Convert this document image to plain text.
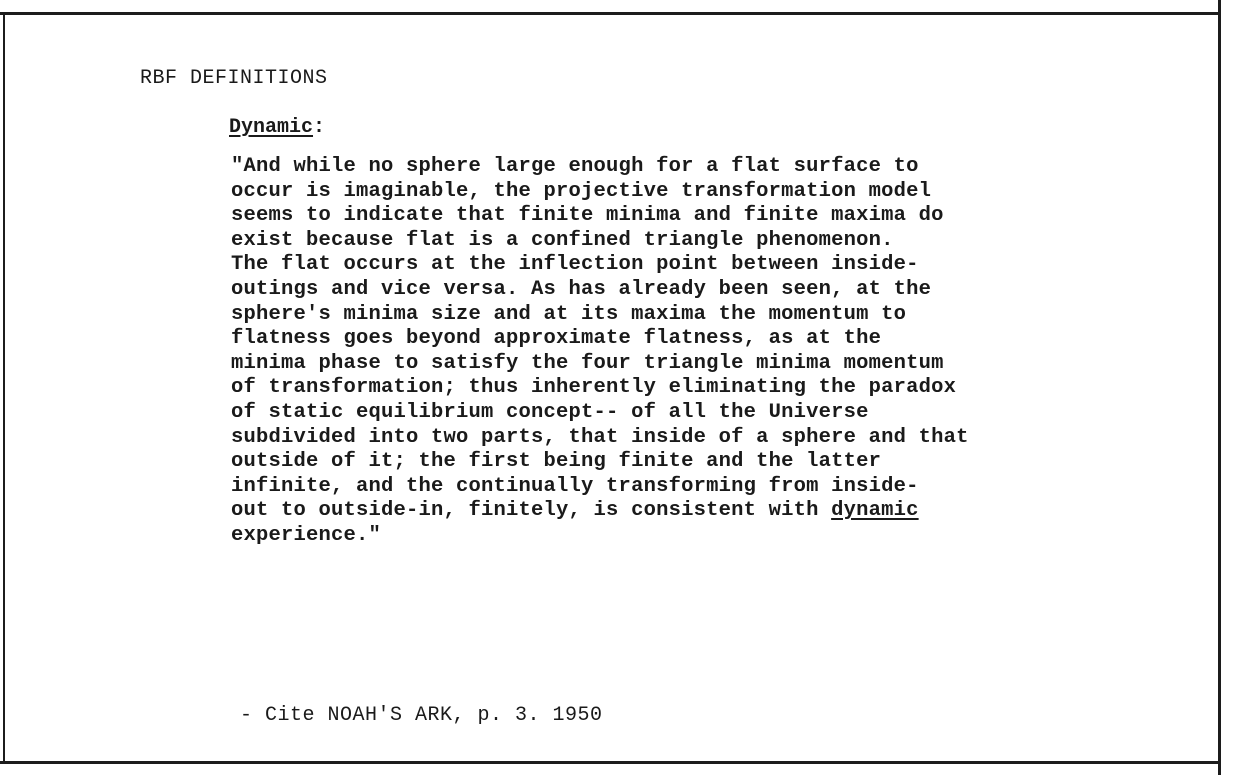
RBF DEFINITIONS
Dynamic:
"And while no sphere large enough for a flat surface to
occur is imaginable, the projective transformation model
seems to indicate that finite minima and finite maxima do
exist because flat is a confined triangle phenomenon.
The flat occurs at the inflection point between inside-
outings and vice versa. As has already been seen, at the
sphere's minima size and at its maxima the momentum to
flatness goes beyond approximate flatness, as at the
minima phase to satisfy the four triangle minima momentum
of transformation; thus inherently eliminating the paradox
of static equilibrium concept-- of all the Universe
subdivided into two parts, that inside of a sphere and that
outside of it; the first being finite and the latter
infinite, and the continually transforming from inside-
out to outside-in, finitely, is consistent with dynamic
experience."
- Cite NOAH'S ARK, p. 3. 1950
